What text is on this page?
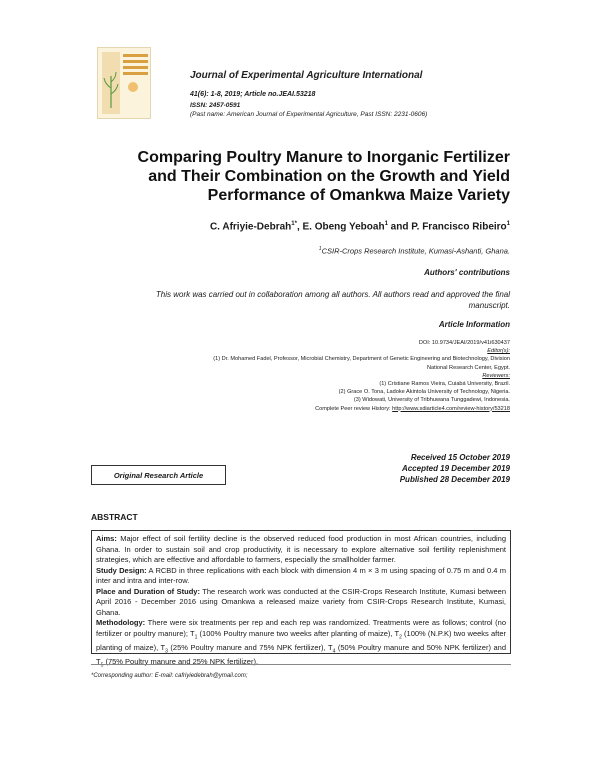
Journal of Experimental Agriculture International
41(6): 1-8, 2019; Article no.JEAI.53218
ISSN: 2457-0591
(Past name: American Journal of Experimental Agriculture, Past ISSN: 2231-0606)
Comparing Poultry Manure to Inorganic Fertilizer
and Their Combination on the Growth and Yield
Performance of Omankwa Maize Variety
C. Afriyie-Debrah$^{1*}$, E. Obeng Yeboah$^1$ and P. Francisco Ribeiro$^1$
$^1$CSIR-Crops Research Institute, Kumasi-Ashanti, Ghana.
Authors' contributions
This work was carried out in collaboration among all authors. All authors read and approved the final
manuscript.
Article Information
DOI: 10.9734/JEAI/2019/v41i630437
Editor(s):
(1) Dr. Mohamed Fadel, Professor, Microbial Chemistry, Department of Genetic Engineering and Biotechnology, Division
National Research Center, Egypt.
Reviewers:
(1) Cristiane Ramos Vieira, Cuiabá University, Brazil.
(2) Grace O. Tona, Ladoke Akintola University of Technology, Nigeria.
(3) Widowati, University of Tribhuwana Tunggadewi, Indonesia.
Complete Peer review History: http://www.sdiarticle4.com/review-history/53218
Original Research Article
Received 15 October 2019
Accepted 19 December 2019
Published 28 December 2019
ABSTRACT

Aims: Major effect of soil fertility decline is the observed reduced food production in most African countries, including Ghana. In order to sustain soil and crop productivity, it is necessary to explore alternative soil fertility replenishment strategies, which are effective and affordable to farmers, especially the smallholder farmer.

Study Design: A RCBD in three replications with each block with dimension 4 m × 3 m using spacing of 0.75 m and 0.4 m inter and intra and inter-row.

Place and Duration of Study: The research work was conducted at the CSIR-Crops Research Institute, Kumasi between April 2016 - December 2016 using Omankwa a released maize variety from CSIR-Crops Research Institute, Kumasi, Ghana.

Methodology: There were six treatments per rep and each rep was randomized. Treatments were as follows; control (no fertilizer or poultry manure); $T_1$ (100% Poultry manure two weeks after planting of maize), $T_2$ (100% (N.P.K) two weeks after planting of maize), $T_3$ (25% Poultry manure and 75% NPK fertilizer), $T_4$ (50% Poultry manure and 50% NPK fertilizer) and $T_5$ (75% Poultry manure and 25% NPK fertilizer).

*Corresponding author: E-mail: cafriyiedebrah@ymail.com;
